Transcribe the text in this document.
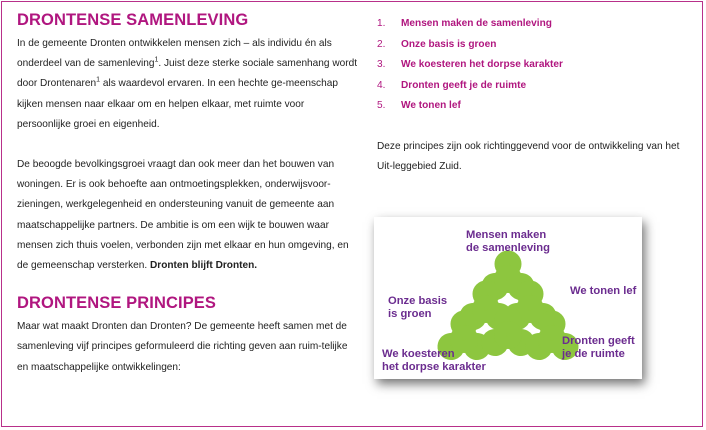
DRONTENSE SAMENLEVING

In de gemeente Dronten ontwikkelen mensen zich – als individu én als onderdeel van de samenleving$^1$. Juist deze sterke sociale samenhang wordt door Drontenaren$^1$ als waardevol ervaren. In een hechte ge-meenschap kijken mensen naar elkaar om en helpen elkaar, met ruimte voor persoonlijke groei en eigenheid.

De beoogde bevolkingsgroei vraagt dan ook meer dan het bouwen van woningen. Er is ook behoefte aan ontmoetingsplekken, onderwijsvoor-zieningen, werkgelegenheid en ondersteuning vanuit de gemeente aan maatschappelijke partners. De ambitie is om een wijk te bouwen waar mensen zich thuis voelen, verbonden zijn met elkaar en hun omgeving, en de gemeenschap versterken. Dronten blijft Dronten.

DRONTENSE PRINCIPES

Maar wat maakt Dronten dan Dronten? De gemeente heeft samen met de samenleving vijf principes geformuleerd die richting geven aan ruim-telijke en maatschappelijke ontwikkelingen:

1.	Mensen maken de samenleving
2.	Onze basis is groen
3.	We koesteren het dorpse karakter
4.	Dronten geeft je de ruimte
5.	We tonen lef

Deze principes zijn ook richtinggevend voor de ontwikkeling van het Uit-leggebied Zuid.

Mensen maken
de samenleving
Onze basis
is groen
We tonen lef
We koesteren
het dorpse karakter
Dronten geeft
je de ruimte
